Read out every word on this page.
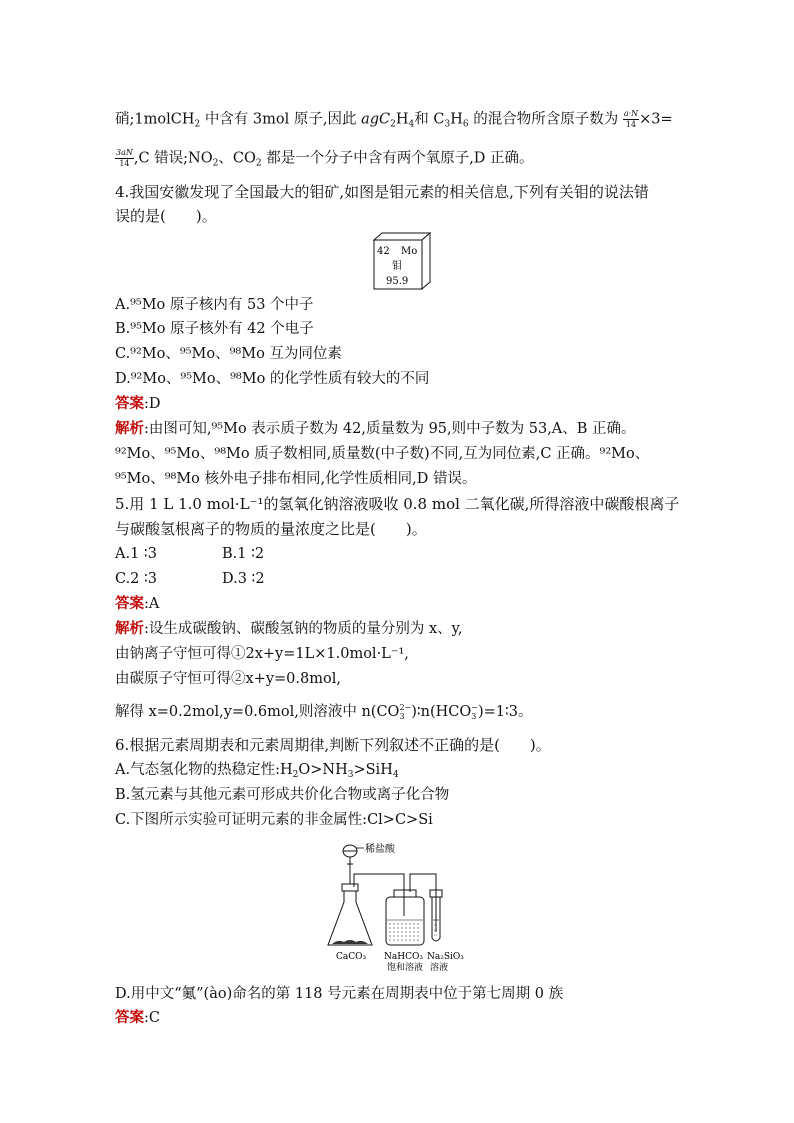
硝;1molCH$_2$ 中含有 3mol 原子,因此 $agC_2H_4$和 $C_3H_6$ 的混合物所含原子数为 $\frac{a\cdot N}{14} \times 3=$
$\frac{3aN}{14} ,C$ 错误$;NO_2$、$CO_2$ 都是一个分子中含有两个氧原子,D 正确。
4.我国安徽发现了全国最大的钼矿,如图是钼元素的相关信息,下列有关钼的说法错
误的是(　　)。
42 Mo
钼
95.9
A.⁹⁵Mo 原子核内有 53 个中子
B.⁹⁵Mo 原子核外有 42 个电子
C.⁹²Mo、⁹⁵Mo、⁹⁸Mo 互为同位素
D.⁹²Mo、⁹⁵Mo、⁹⁸Mo 的化学性质有较大的不同
答案:D
解析:由图可知,⁹⁵Mo 表示质子数为 42,质量数为 95,则中子数为 53,A、B 正确。
⁹²Mo、⁹⁵Mo、⁹⁸Mo 质子数相同,质量数(中子数)不同,互为同位素,C 正确。⁹²Mo、
⁹⁵Mo、⁹⁸Mo 核外电子排布相同,化学性质相同,D 错误。
5.用 1 L 1.0 mol·L⁻¹的氢氧化钠溶液吸收 0.8 mol 二氧化碳,所得溶液中碳酸根离子
与碳酸氢根离子的物质的量浓度之比是(　　)。
A.1 ∶3	B.1 ∶2
C.2 ∶3	D.3 ∶2
答案:A
解析:设生成碳酸钠、碳酸氢钠的物质的量分别为 x、y,
由钠离子守恒可得①2x+y=1L×1.0mol·L⁻¹,
由碳原子守恒可得②x+y=0.8mol,
解得 x=0.2mol,y=0.6mol,则溶液中 n(CO 2−
3 )∶n(HCO −
3 )=1∶3。
6.根据元素周期表和元素周期律,判断下列叙述不正确的是(　　)。
A.气态氢化物的热稳定性$:H_2O>NH_3>SiH_4$
B.氢元素与其他元素可形成共价化合物或离子化合物
C.下图所示实验可证明元素的非金属性:Cl>C>Si
稀盐酸
CaCO₃ NaHCO₃
饱和溶液
Na₂SiO₃
溶液
D.用中文“鿫”(ào)命名的第 118 号元素在周期表中位于第七周期 0 族
答案:C
